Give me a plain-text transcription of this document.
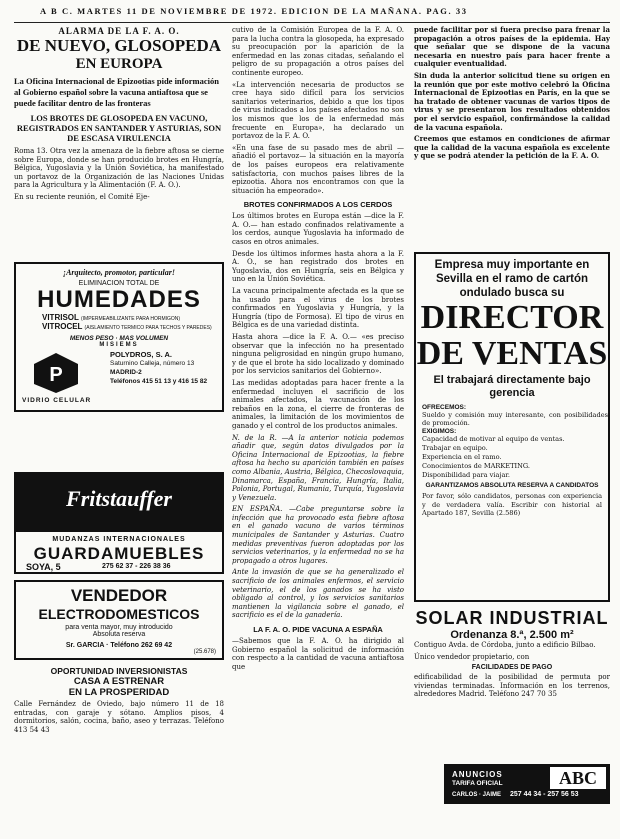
A B C. MARTES 11 DE NOVIEMBRE DE 1972. EDICION DE LA MAÑANA. PAG. 33
ALARMA DE LA F. A. O.
DE NUEVO, GLOSOPEDA
EN EUROPA
La Oficina Internacional de Epizootias pide información al Gobierno español sobre la vacuna antiaftosa que se puede facilitar dentro de las fronteras
LOS BROTES DE GLOSOPEDA EN VACUNO, REGISTRADOS EN SANTANDER Y ASTURIAS, SON DE ESCASA VIRULENCIA

Roma 13. Otra vez la amenaza de la fiebre aftosa se cierne sobre Europa, donde se han producido brotes en Hungría, Bélgica, Yugoslavia y la Unión Soviética, ha manifestado un portavoz de la Organización de las Naciones Unidas para la Agricultura y la Alimentación (F. A. O.).

En su reciente reunión, el Comité Eje-

¡Arquitecto, promotor, particular!
ELIMINACION TOTAL DE
HUMEDADES
VITRISOL (IMPERMEABILIZANTE PARA HORMIGON)
VITROCEL (AISLAMIENTO TERMICO PARA TECHOS Y PAREDES)
MENOS PESO · MAS VOLUMEN
MISIEMS
P
POLYDROS, S. A.
Saturnino Calleja, número 13
MADRID-2
Teléfonos 415 51 13 y 416 15 82
VIDRIO CELULAR
Fritstauffer
MUDANZAS INTERNACIONALES
GUARDAMUEBLES
SOYA, 5	275 62 37 - 226 38 36
VENDEDOR
ELECTRODOMESTICOS
para venta mayor, muy introducido
Absoluta reserva
Sr. GARCIA · Teléfono 262 69 42
(25.678)
OPORTUNIDAD INVERSIONISTAS
CASA A ESTRENAR
EN LA PROSPERIDAD

Calle Fernández de Oviedo, bajo número 11 de 18 entradas, con garaje y sótano. Amplios pisos, 4 dormitorios, salón, cocina, baño, aseo y terrazas. Teléfono 413 54 43

cutivo de la Comisión Europea de la F. A. O. para la lucha contra la glosopeda, ha expresado su preocupación por la aparición de la enfermedad en las zonas citadas, señalando el peligro de su propagación a otros países del continente europeo.

«La intervención necesaria de productos se cree haya sido difícil para los servicios sanitarios veterinarios, debido a que los tipos de virus indicados a los países afectados no son los mismos que los de la enfermedad más frecuente en Europa», ha declarado un portavoz de la F. A. O.

«En una fase de su pasado mes de abril —añadió el portavoz— la situación en la mayoría de los países europeos era relativamente satisfactoria, con muchos países libres de la epizootia. Ahora nos encontramos con que la situación ha empeorado».

BROTES CONFIRMADOS A LOS CERDOS

Los últimos brotes en Europa están —dice la F. A. O.— han estado confinados relativamente a los cerdos, aunque Yugoslavia ha informado de casos en otros animales.

Desde los últimos informes hasta ahora a la F. A. O., se han registrado dos brotes en Yugoslavia, dos en Hungría, seis en Bélgica y uno en la Unión Soviética.

La vacuna principalmente afectada es la que se ha usado para el virus de los brotes confirmados en Yugoslavia y Hungría, y la Hungría (tipo de Formosa). El tipo de virus en Bélgica es de una variedad distinta.

Hasta ahora —dice la F. A. O.— «es preciso observar que la infección no ha presentado ninguna peligrosidad en ningún grupo humano, y de que el brote ha sido localizado y dominado por los servicios sanitarios del Gobierno».

Las medidas adoptadas para hacer frente a la enfermedad incluyen el sacrificio de los animales afectados, la vacunación de los rebaños en la zona, el cierre de fronteras de animales, la limitación de los movimientos de ganado y el control de los productos animales.

N. de la R. —A la anterior noticia podemos añadir que, según datos divulgados por la Oficina Internacional de Epizootias, la fiebre aftosa ha hecho su aparición también en países como Albania, Austria, Bélgica, Checoslovaquia, Dinamarca, España, Francia, Hungría, Italia, Polonia, Portugal, Rumania, Turquía, Yugoslavia y Venezuela.

EN ESPAÑA. —Cabe preguntarse sobre la infección que ha provocado esta fiebre aftosa en el ganado vacuno de varios términos municipales de Santander y Asturias. Cuatro medidas preventivas fueron adoptadas por los servicios veterinarios, y la enfermedad no se ha propagado a otros lugares.

Ante la invasión de que se ha generalizado el sacrificio de los animales enfermos, el servicio veterinario, el de los ganados se ha visto obligado al control, y los servicios sanitarios mantienen la vigilancia sobre el ganado, el sacrificio es el de la ganadería.

LA F. A. O. PIDE VACUNA A ESPAÑA

—Sabemos que la F. A. O. ha dirigido al Gobierno español la solicitud de información con respecto a la cantidad de vacuna antiaftosa que

puede facilitar por si fuera preciso para frenar la propagación a otros países de la epidemia. Hay que señalar que se dispone de la vacuna necesaria en nuestro país para hacer frente a cualquier eventualidad.

Sin duda la anterior solicitud tiene su origen en la reunión que por este motivo celebró la Oficina Internacional de Epizootias en París, en la que se ha tratado de obtener vacunas de varios tipos de virus y se presentaron los resultados obtenidos por el servicio español, confirmándose la calidad de la vacuna española.

Creemos que estamos en condiciones de afirmar que la calidad de la vacuna española es excelente y que se podrá atender la petición de la F. A. O.

Empresa muy importante en Sevilla en el ramo de cartón ondulado busca su
DIRECTOR
DE VENTAS
El trabajará directamente bajo gerencia
OFRECEMOS:

Sueldo y comisión muy interesante, con posibilidades de promoción.

EXIGIMOS:

Capacidad de motivar al equipo de ventas.

Trabajar en equipo.

Experiencia en el ramo.

Conocimientos de MARKETING.

Disponibilidad para viajar.

GARANTIZAMOS ABSOLUTA RESERVA A CANDIDATOS

Por favor, sólo candidatos, personas con experiencia y de verdadera valía. Escribir con historial al Apartado 187, Sevilla (2.586)

SOLAR INDUSTRIAL
Ordenanza 8.ª, 2.500 m²

Contiguo Avda. de Córdoba, junto a edificio Bilbao.

Único vendedor propietario, con

FACILIDADES DE PAGO

edificabilidad de la posibilidad de permuta por viviendas terminadas. Información en los terrenos, alrededores Madrid. Teléfono 247 70 35

ANUNCIOS
TARIFA OFICIAL	ABC
CARLOS · JAIME 257 44 34 - 257 56 53
